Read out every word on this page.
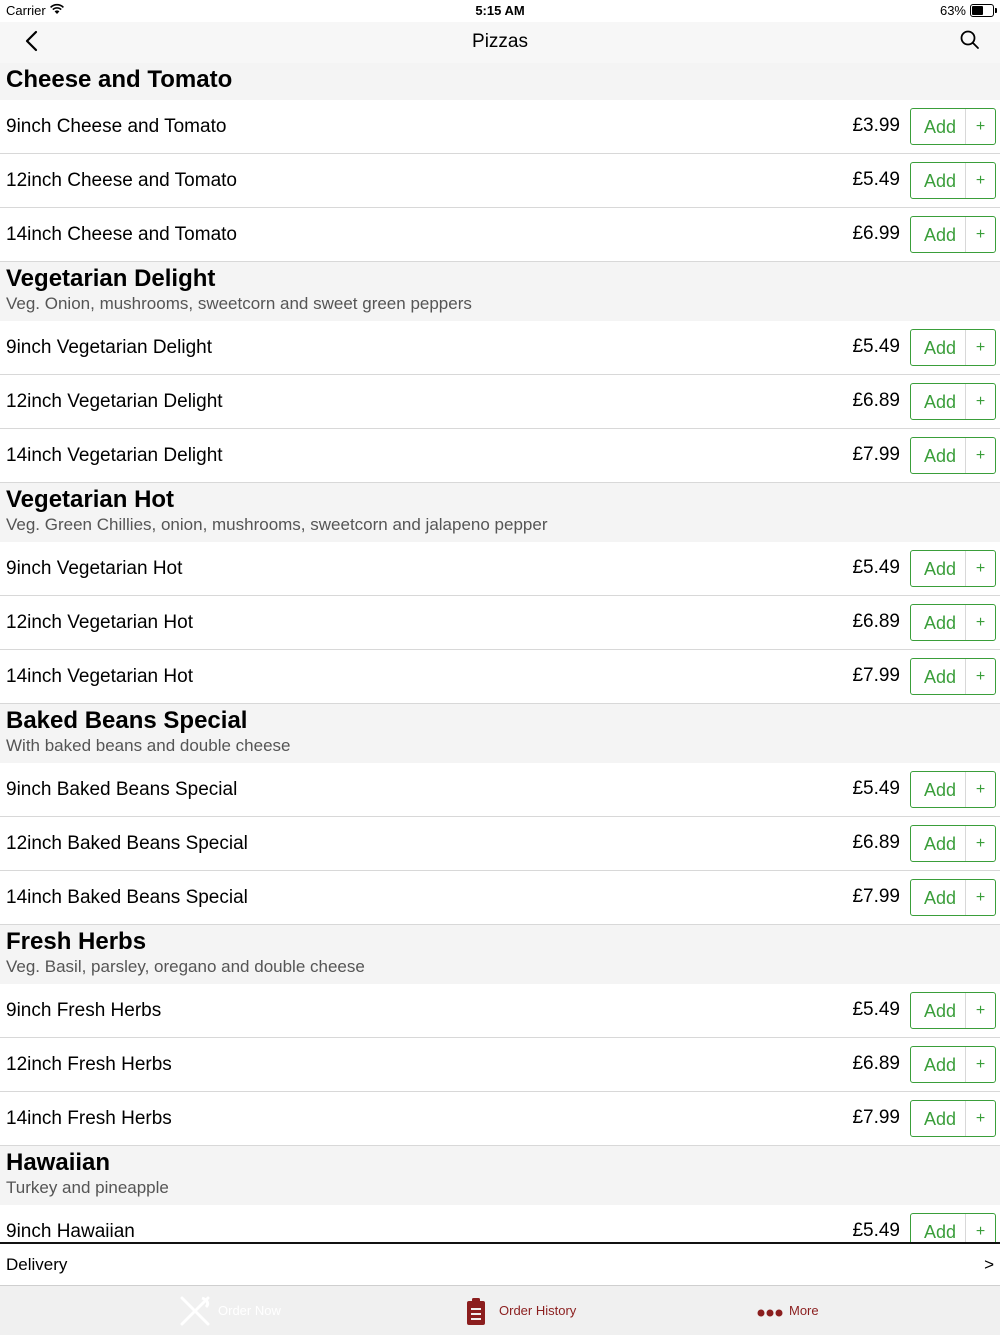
Carrier	5:15 AM	63%
Pizzas
Cheese and Tomato
9inch Cheese and Tomato	£3.99 Add	+
12inch Cheese and Tomato	£5.49 Add	+
14inch Cheese and Tomato	£6.99 Add	+
Vegetarian Delight
Veg. Onion, mushrooms, sweetcorn and sweet green peppers
9inch Vegetarian Delight	£5.49 Add	+
12inch Vegetarian Delight	£6.89 Add	+
14inch Vegetarian Delight	£7.99 Add	+
Vegetarian Hot
Veg. Green Chillies, onion, mushrooms, sweetcorn and jalapeno pepper
9inch Vegetarian Hot	£5.49 Add	+
12inch Vegetarian Hot	£6.89 Add	+
14inch Vegetarian Hot	£7.99 Add	+
Baked Beans Special
With baked beans and double cheese
9inch Baked Beans Special	£5.49 Add	+
12inch Baked Beans Special	£6.89 Add	+
14inch Baked Beans Special	£7.99 Add	+
Fresh Herbs
Veg. Basil, parsley, oregano and double cheese
9inch Fresh Herbs	£5.49 Add	+
12inch Fresh Herbs	£6.89 Add	+
14inch Fresh Herbs	£7.99 Add	+
Hawaiian
Turkey and pineapple
9inch Hawaiian	£5.49 Add	+
Delivery	>
Order Now	Order History	More
